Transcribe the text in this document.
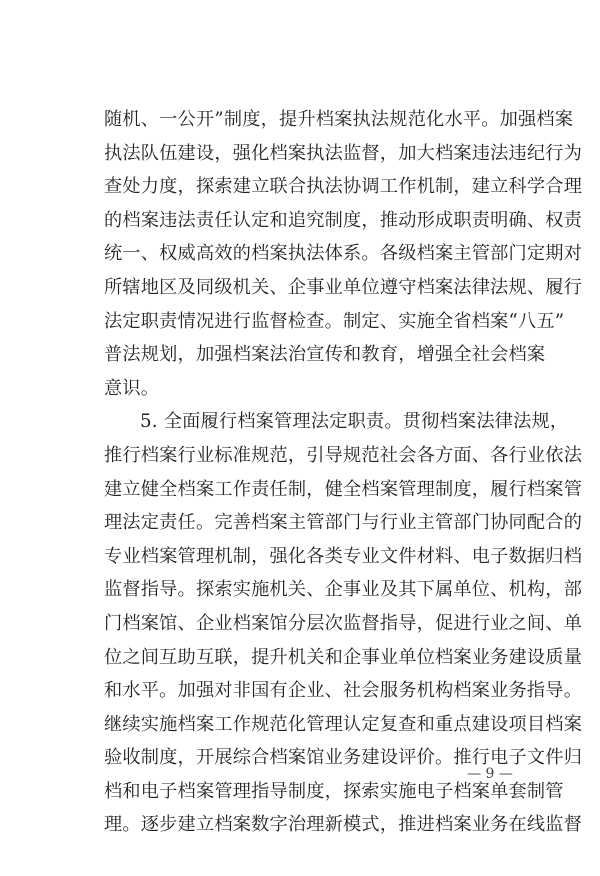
随机、一公开”制度，提升档案执法规范化水平。加强档案
执法队伍建设，强化档案执法监督，加大档案违法违纪行为
查处力度，探索建立联合执法协调工作机制，建立科学合理
的档案违法责任认定和追究制度，推动形成职责明确、权责
统一、权威高效的档案执法体系。各级档案主管部门定期对
所辖地区及同级机关、企事业单位遵守档案法律法规、履行
法定职责情况进行监督检查。制定、实施全省档案“八五”
普法规划，加强档案法治宣传和教育，增强全社会档案
意识。
5. 全面履行档案管理法定职责。贯彻档案法律法规，
推行档案行业标准规范，引导规范社会各方面、各行业依法
建立健全档案工作责任制，健全档案管理制度，履行档案管
理法定责任。完善档案主管部门与行业主管部门协同配合的
专业档案管理机制，强化各类专业文件材料、电子数据归档
监督指导。探索实施机关、企事业及其下属单位、机构，部
门档案馆、企业档案馆分层次监督指导，促进行业之间、单
位之间互助互联，提升机关和企事业单位档案业务建设质量
和水平。加强对非国有企业、社会服务机构档案业务指导。
继续实施档案工作规范化管理认定复查和重点建设项目档案
验收制度，开展综合档案馆业务建设评价。推行电子文件归
档和电子档案管理指导制度，探索实施电子档案单套制管
理。逐步建立档案数字治理新模式，推进档案业务在线监督
— 9 —
